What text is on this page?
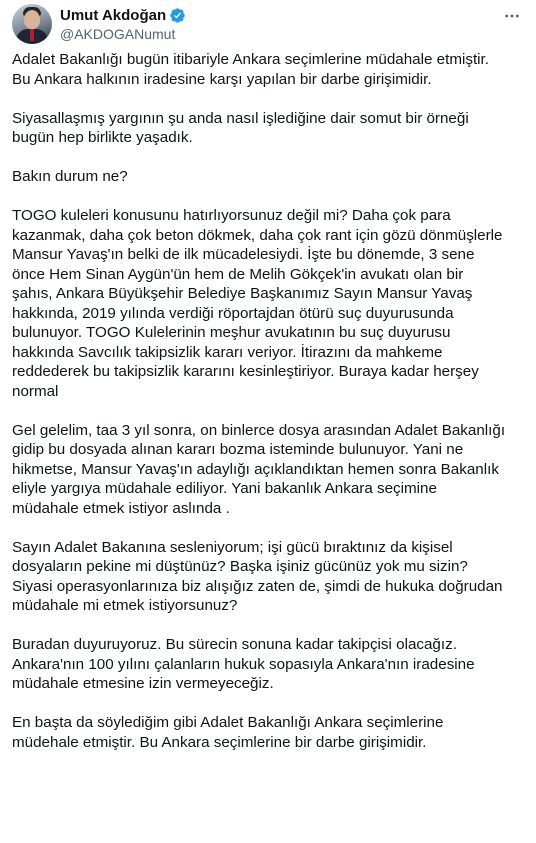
Umut Akdoğan
@AKDOGANumut
Adalet Bakanlığı bugün itibariyle Ankara seçimlerine müdahale etmiştir.
Bu Ankara halkının iradesine karşı yapılan bir darbe girişimidir.
Siyasallaşmış yargının şu anda nasıl işlediğine dair somut bir örneği
bugün hep birlikte yaşadık.
Bakın durum ne?
TOGO kuleleri konusunu hatırlıyorsunuz değil mi? Daha çok para
kazanmak, daha çok beton dökmek, daha çok rant için gözü dönmüşlerle
Mansur Yavaş'ın belki de ilk mücadelesiydi. İşte bu dönemde, 3 sene
önce Hem Sinan Aygün'ün hem de Melih Gökçek'in avukatı olan bir
şahıs, Ankara Büyükşehir Belediye Başkanımız Sayın Mansur Yavaş
hakkında, 2019 yılında verdiği röportajdan ötürü suç duyurusunda
bulunuyor. TOGO Kulelerinin meşhur avukatının bu suç duyurusu
hakkında Savcılık takipsizlik kararı veriyor. İtirazını da mahkeme
reddederek bu takipsizlik kararını kesinleştiriyor. Buraya kadar herşey
normal
Gel gelelim, taa 3 yıl sonra, on binlerce dosya arasından Adalet Bakanlığı
gidip bu dosyada alınan kararı bozma isteminde bulunuyor. Yani ne
hikmetse, Mansur Yavaş'ın adaylığı açıklandıktan hemen sonra Bakanlık
eliyle yargıya müdahale ediliyor. Yani bakanlık Ankara seçimine
müdahale etmek istiyor aslında .
Sayın Adalet Bakanına sesleniyorum; işi gücü bıraktınız da kişisel
dosyaların pekine mi düştünüz? Başka işiniz gücünüz yok mu sizin?
Siyasi operasyonlarınıza biz alışığız zaten de, şimdi de hukuka doğrudan
müdahale mi etmek istiyorsunuz?
Buradan duyuruyoruz. Bu sürecin sonuna kadar takipçisi olacağız.
Ankara'nın 100 yılını çalanların hukuk sopasıyla Ankara'nın iradesine
müdahale etmesine izin vermeyeceğiz.
En başta da söylediğim gibi Adalet Bakanlığı Ankara seçimlerine
müdehale etmiştir. Bu Ankara seçimlerine bir darbe girişimidir.
